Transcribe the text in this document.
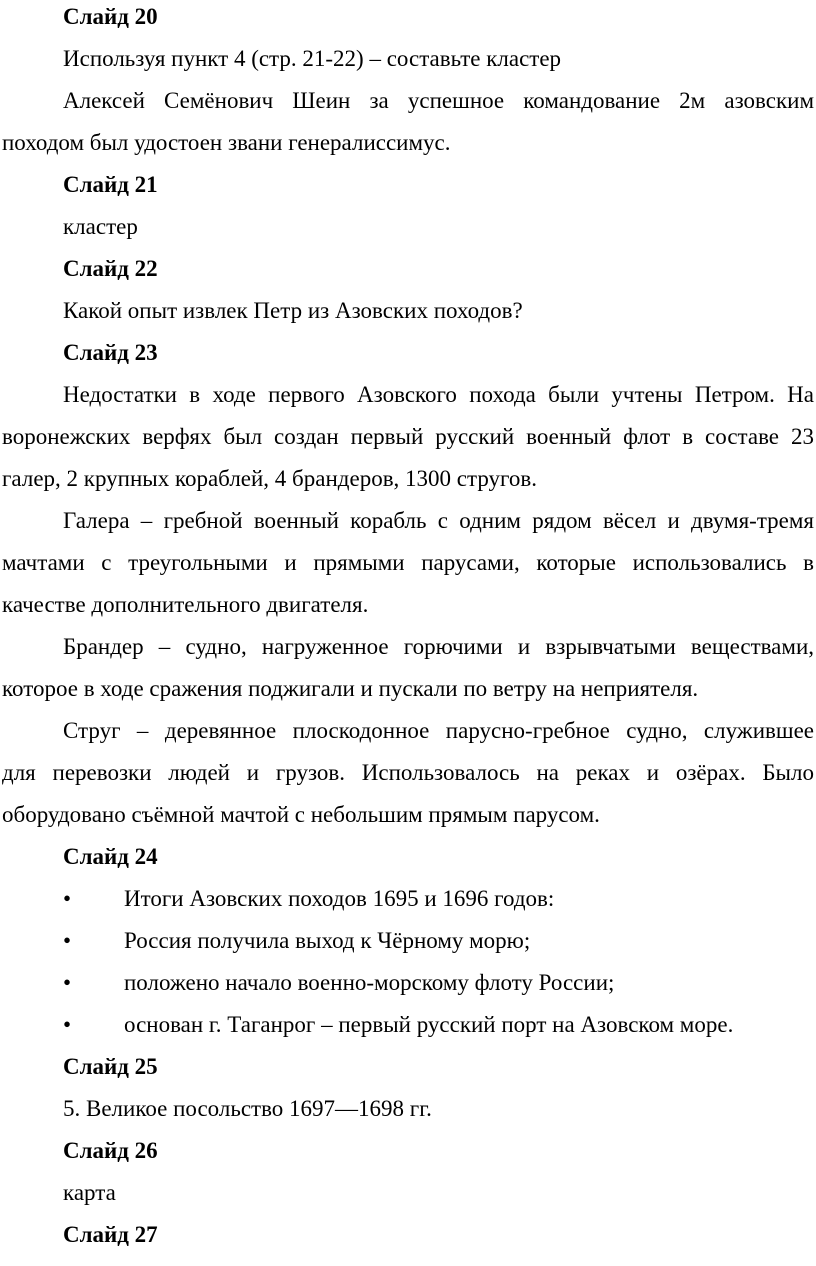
Слайд 20
Используя пункт 4 (стр. 21-22) – составьте кластер
Алексей Семёнович Шеин за успешное командование 2м азовским
походом был удостоен звани генералиссимус.
Слайд 21
кластер
Слайд 22
Какой опыт извлек Петр из Азовских походов?
Слайд 23
Недостатки в ходе первого Азовского похода были учтены Петром. На
воронежских верфях был создан первый русский военный флот в составе 23
галер, 2 крупных кораблей, 4 брандеров, 1300 стругов.
Галера – гребной военный корабль с одним рядом вёсел и двумя-тремя
мачтами с треугольными и прямыми парусами, которые использовались в
качестве дополнительного двигателя.
Брандер – судно, нагруженное горючими и взрывчатыми веществами,
которое в ходе сражения поджигали и пускали по ветру на неприятеля.
Струг – деревянное плоскодонное парусно-гребное судно, служившее
для перевозки людей и грузов. Использовалось на реках и озёрах. Было
оборудовано съёмной мачтой с небольшим прямым парусом.
Слайд 24
• Итоги Азовских походов 1695 и 1696 годов:
• Россия получила выход к Чёрному морю;
• положено начало военно-морскому флоту России;
• основан г. Таганрог – первый русский порт на Азовском море.
Слайд 25
5. Великое посольство 1697—1698 гг.
Слайд 26
карта
Слайд 27
